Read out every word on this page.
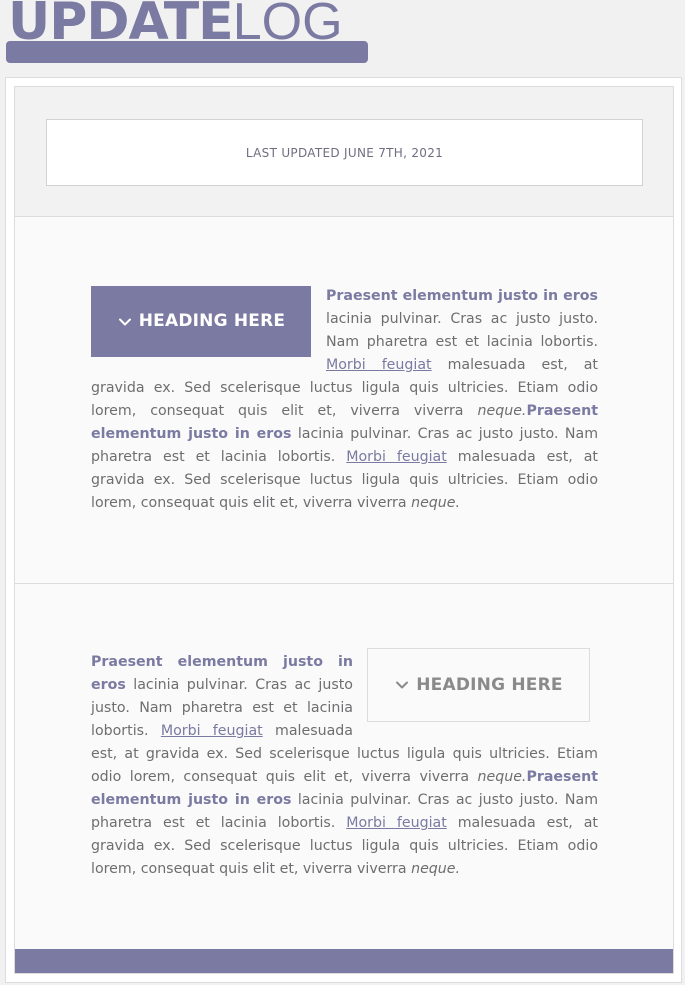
UPDATELOG
LAST UPDATED JUNE 7TH, 2021
HEADING HERE
Praesent elementum justo in eros lacinia pulvinar. Cras ac justo justo. Nam pharetra est et lacinia lobortis. Morbi feugiat malesuada est, at gravida ex. Sed scelerisque luctus ligula quis ultricies. Etiam odio lorem, consequat quis elit et, viverra viverra neque.Praesent elementum justo in eros lacinia pulvinar. Cras ac justo justo. Nam pharetra est et lacinia lobortis. Morbi feugiat malesuada est, at gravida ex. Sed scelerisque luctus ligula quis ultricies. Etiam odio lorem, consequat quis elit et, viverra viverra neque.
HEADING HERE
Praesent elementum justo in eros lacinia pulvinar. Cras ac justo justo. Nam pharetra est et lacinia lobortis. Morbi feugiat malesuada est, at gravida ex. Sed scelerisque luctus ligula quis ultricies. Etiam odio lorem, consequat quis elit et, viverra viverra neque.Praesent elementum justo in eros lacinia pulvinar. Cras ac justo justo. Nam pharetra est et lacinia lobortis. Morbi feugiat malesuada est, at gravida ex. Sed scelerisque luctus ligula quis ultricies. Etiam odio lorem, consequat quis elit et, viverra viverra neque.
